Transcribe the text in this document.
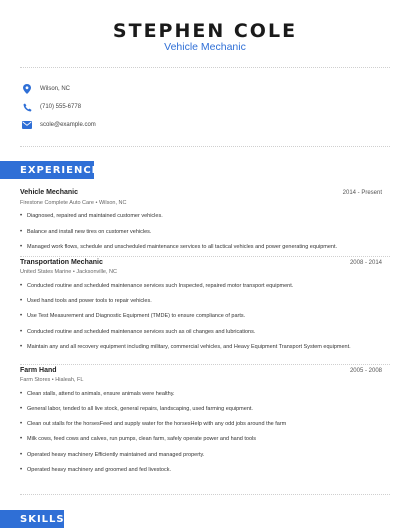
STEPHEN COLE
Vehicle Mechanic
Wilson, NC
(710) 555-6778
scole@example.com
EXPERIENCE
Vehicle Mechanic	2014 - Present
Firestone Complete Auto Care • Wilson, NC
• Diagnosed, repaired and maintained customer vehicles.
• Balance and install new tires on customer vehicles.
• Managed work flows, schedule and unscheduled maintenance services to all tactical vehicles and power generating equipment.
Transportation Mechanic	2008 - 2014
United States Marine • Jacksonville, NC
• Conducted routine and scheduled maintenance services such Inspected, repaired motor transport equipment.
• Used hand tools and power tools to repair vehicles.
• Use Test Measurement and Diagnostic Equipment (TMDE) to ensure compliance of parts.
• Conducted routine and scheduled maintenance services such as oil changes and lubrications.
• Maintain any and all recovery equipment including military, commercial vehicles, and Heavy Equipment Transport System equipment.
Farm Hand	2005 - 2008
Farm Stores • Hialeah, FL
• Clean stalls, attend to animals, ensure animals were healthy.
• General labor, tended to all live stock, general repairs, landscaping, used farming equipment.
• Clean out stalls for the horsesFeed and supply water for the horsesHelp with any odd jobs around the farm
• Milk cows, feed cows and calves, run pumps, clean farm, safely operate power and hand tools
• Operated heavy machinery Efficiently maintained and managed property.
• Operated heavy machinery and groomed and fed livestock.
SKILLS
